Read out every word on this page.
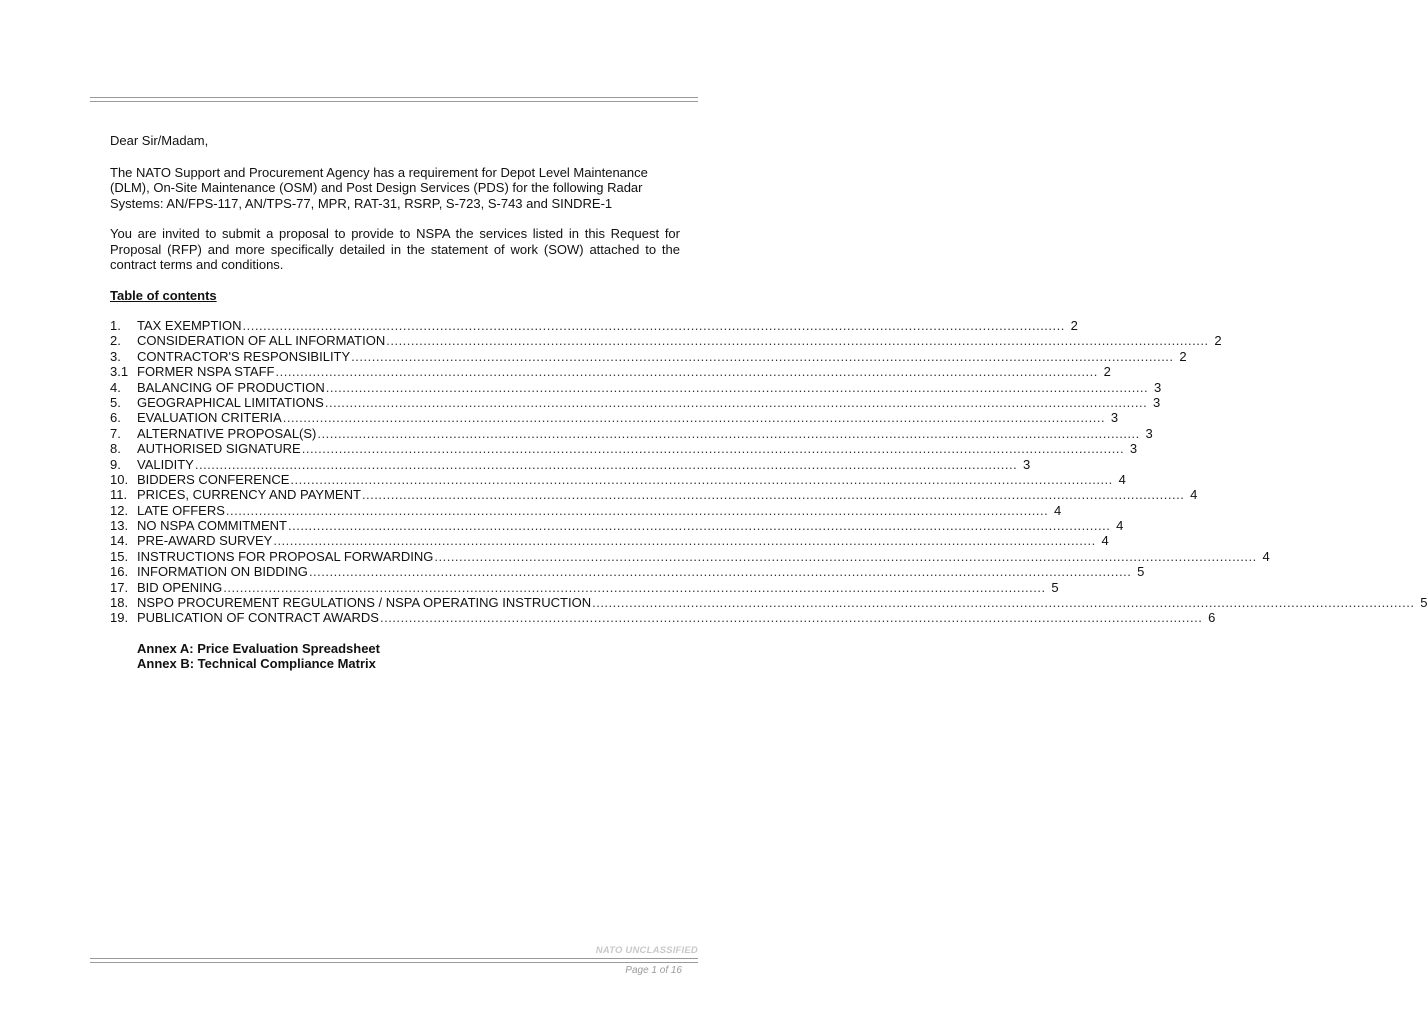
Dear Sir/Madam,

The NATO Support and Procurement Agency has a requirement for Depot Level Maintenance (DLM), On-Site Maintenance (OSM) and Post Design Services (PDS) for the following Radar Systems: AN/FPS-117, AN/TPS-77, MPR, RAT-31, RSRP, S-723, S-743 and SINDRE-1

You are invited to submit a proposal to provide to NSPA the services listed in this Request for Proposal (RFP) and more specifically detailed in the statement of work (SOW) attached to the contract terms and conditions.

Table of contents
1.	TAX EXEMPTION ........................................................................................................................................................................................................ 2
2.	CONSIDERATION OF ALL INFORMATION ........................................................................................................................................................................................................ 2
3.	CONTRACTOR'S RESPONSIBILITY ........................................................................................................................................................................................................ 2
3.1 FORMER NSPA STAFF ........................................................................................................................................................................................................ 2
4.	BALANCING OF PRODUCTION ........................................................................................................................................................................................................ 3
5.	GEOGRAPHICAL LIMITATIONS ........................................................................................................................................................................................................ 3
6.	EVALUATION CRITERIA ........................................................................................................................................................................................................ 3
7.	ALTERNATIVE PROPOSAL(S) ........................................................................................................................................................................................................ 3
8.	AUTHORISED SIGNATURE ........................................................................................................................................................................................................ 3
9.	VALIDITY ........................................................................................................................................................................................................ 3
10. BIDDERS CONFERENCE ........................................................................................................................................................................................................ 4
11. PRICES, CURRENCY AND PAYMENT ........................................................................................................................................................................................................ 4
12. LATE OFFERS ........................................................................................................................................................................................................ 4
13. NO NSPA COMMITMENT ........................................................................................................................................................................................................ 4
14. PRE-AWARD SURVEY ........................................................................................................................................................................................................ 4
15. INSTRUCTIONS FOR PROPOSAL FORWARDING ........................................................................................................................................................................................................ 4
16. INFORMATION ON BIDDING ........................................................................................................................................................................................................ 5
17. BID OPENING ........................................................................................................................................................................................................ 5
18. NSPO PROCUREMENT REGULATIONS / NSPA OPERATING INSTRUCTION ........................................................................................................................................................................................................ 5
19. PUBLICATION OF CONTRACT AWARDS ........................................................................................................................................................................................................ 6
Annex A: Price Evaluation Spreadsheet
Annex B: Technical Compliance Matrix
NATO UNCLASSIFIED
Page 1 of 16
